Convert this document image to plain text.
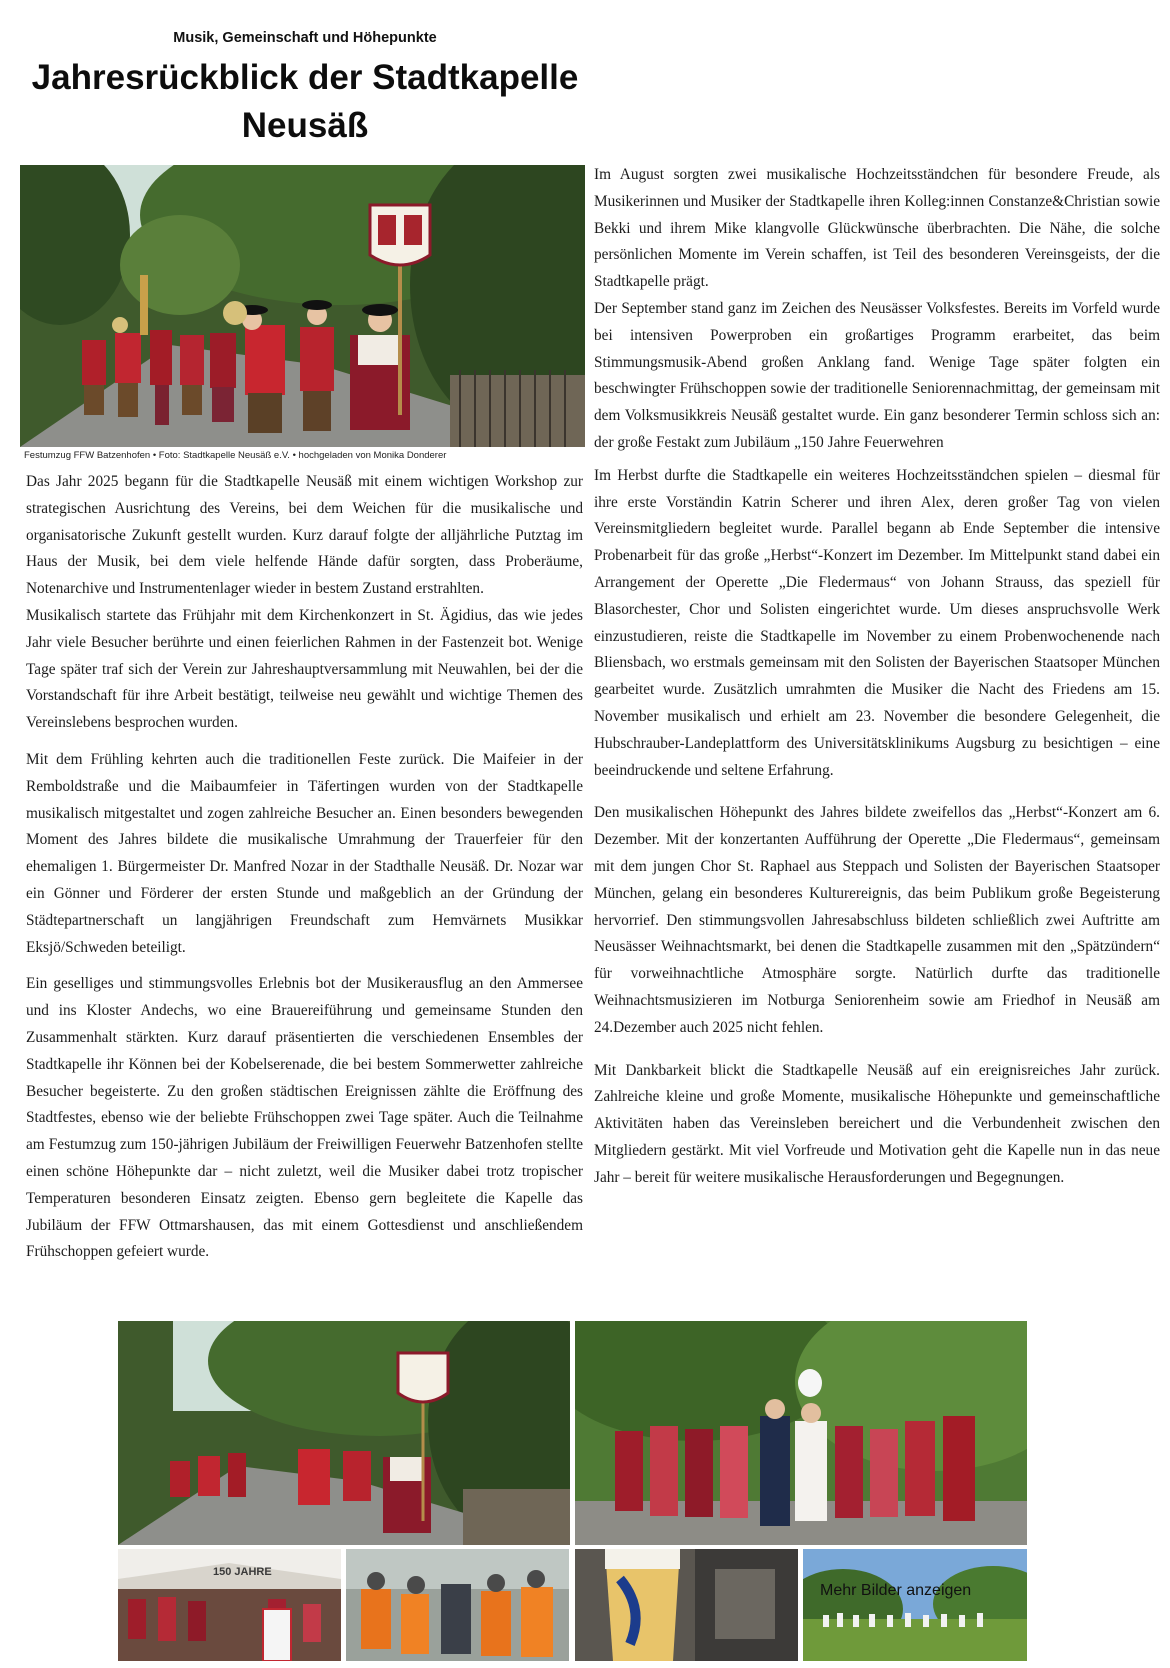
Musik, Gemeinschaft und Höhepunkte
Jahresrückblick der Stadtkapelle Neusäß
Festumzug FFW Batzenhofen • Foto: Stadtkapelle Neusäß e.V. • hochgeladen von Monika Donderer

Das Jahr 2025 begann für die Stadtkapelle Neusäß mit einem wichtigen Workshop zur strategischen Ausrichtung des Vereins, bei dem Weichen für die musikalische und organisatorische Zukunft gestellt wurden. Kurz darauf folgte der alljährliche Putztag im Haus der Musik, bei dem viele helfende Hände dafür sorgten, dass Proberäume, Notenarchive und Instrumentenlager wieder in bestem Zustand erstrahlten.

Musikalisch startete das Frühjahr mit dem Kirchenkonzert in St. Ägidius, das wie jedes Jahr viele Besucher berührte und einen feierlichen Rahmen in der Fastenzeit bot. Wenige Tage später traf sich der Verein zur Jahreshauptversammlung mit Neuwahlen, bei der die Vorstandschaft für ihre Arbeit bestätigt, teilweise neu gewählt und wichtige Themen des Vereinslebens besprochen wurden.

Mit dem Frühling kehrten auch die traditionellen Feste zurück. Die Maifeier in der Remboldstraße und die Maibaumfeier in Täfertingen wurden von der Stadtkapelle musikalisch mitgestaltet und zogen zahlreiche Besucher an. Einen besonders bewegenden Moment des Jahres bildete die musikalische Umrahmung der Trauerfeier für den ehemaligen 1. Bürgermeister Dr. Manfred Nozar in der Stadthalle Neusäß. Dr. Nozar war ein Gönner und Förderer der ersten Stunde und maßgeblich an der Gründung der Städtepartnerschaft un langjährigen Freundschaft zum Hemvärnets Musikkar Eksjö/Schweden beteiligt.

Ein geselliges und stimmungsvolles Erlebnis bot der Musikerausflug an den Ammersee und ins Kloster Andechs, wo eine Brauereiführung und gemeinsame Stunden den Zusammenhalt stärkten. Kurz darauf präsentierten die verschiedenen Ensembles der Stadtkapelle ihr Können bei der Kobelserenade, die bei bestem Sommerwetter zahlreiche Besucher begeisterte. Zu den großen städtischen Ereignissen zählte die Eröffnung des Stadtfestes, ebenso wie der beliebte Frühschoppen zwei Tage später. Auch die Teilnahme am Festumzug zum 150-jährigen Jubiläum der Freiwilligen Feuerwehr Batzenhofen stellte einen schöne Höhepunkte dar – nicht zuletzt, weil die Musiker dabei trotz tropischer Temperaturen besonderen Einsatz zeigten. Ebenso gern begleitete die Kapelle das Jubiläum der FFW Ottmarshausen, das mit einem Gottesdienst und anschließendem Frühschoppen gefeiert wurde.

Im August sorgten zwei musikalische Hochzeitsständchen für besondere Freude, als Musikerinnen und Musiker der Stadtkapelle ihren Kolleg:innen Constanze&Christian sowie Bekki und ihrem Mike klangvolle Glückwünsche überbrachten. Die Nähe, die solche persönlichen Momente im Verein schaffen, ist Teil des besonderen Vereinsgeists, der die Stadtkapelle prägt.

Der September stand ganz im Zeichen des Neusässer Volksfestes. Bereits im Vorfeld wurde bei intensiven Powerproben ein großartiges Programm erarbeitet, das beim Stimmungsmusik-Abend großen Anklang fand. Wenige Tage später folgten ein beschwingter Frühschoppen sowie der traditionelle Seniorennachmittag, der gemeinsam mit dem Volksmusikkreis Neusäß gestaltet wurde. Ein ganz besonderer Termin schloss sich an: der große Festakt zum Jubiläum „150 Jahre Feuerwehren

Im Herbst durfte die Stadtkapelle ein weiteres Hochzeitsständchen spielen – diesmal für ihre erste Vorständin Katrin Scherer und ihren Alex, deren großer Tag von vielen Vereinsmitgliedern begleitet wurde. Parallel begann ab Ende September die intensive Probenarbeit für das große „Herbst“-Konzert im Dezember. Im Mittelpunkt stand dabei ein Arrangement der Operette „Die Fledermaus“ von Johann Strauss, das speziell für Blasorchester, Chor und Solisten eingerichtet wurde. Um dieses anspruchsvolle Werk einzustudieren, reiste die Stadtkapelle im November zu einem Probenwochenende nach Bliensbach, wo erstmals gemeinsam mit den Solisten der Bayerischen Staatsoper München gearbeitet wurde. Zusätzlich umrahmten die Musiker die Nacht des Friedens am 15. November musikalisch und erhielt am 23. November die besondere Gelegenheit, die Hubschrauber-Landeplattform des Universitätsklinikums Augsburg zu besichtigen – eine beeindruckende und seltene Erfahrung.

Den musikalischen Höhepunkt des Jahres bildete zweifellos das „Herbst“-Konzert am 6. Dezember. Mit der konzertanten Aufführung der Operette „Die Fledermaus“, gemeinsam mit dem jungen Chor St. Raphael aus Steppach und Solisten der Bayerischen Staatsoper München, gelang ein besonderes Kulturereignis, das beim Publikum große Begeisterung hervorrief. Den stimmungsvollen Jahresabschluss bildeten schließlich zwei Auftritte am Neusässer Weihnachtsmarkt, bei denen die Stadtkapelle zusammen mit den „Spätzündern“ für vorweihnachtliche Atmosphäre sorgte. Natürlich durfte das traditionelle Weihnachtsmusizieren im Notburga Seniorenheim sowie am Friedhof in Neusäß am 24.Dezember auch 2025 nicht fehlen.

Mit Dankbarkeit blickt die Stadtkapelle Neusäß auf ein ereignisreiches Jahr zurück. Zahlreiche kleine und große Momente, musikalische Höhepunkte und gemeinschaftliche Aktivitäten haben das Vereinsleben bereichert und die Verbundenheit zwischen den Mitgliedern gestärkt. Mit viel Vorfreude und Motivation geht die Kapelle nun in das neue Jahr – bereit für weitere musikalische Herausforderungen und Begegnungen.

150 JAHRE
Mehr Bilder anzeigen
